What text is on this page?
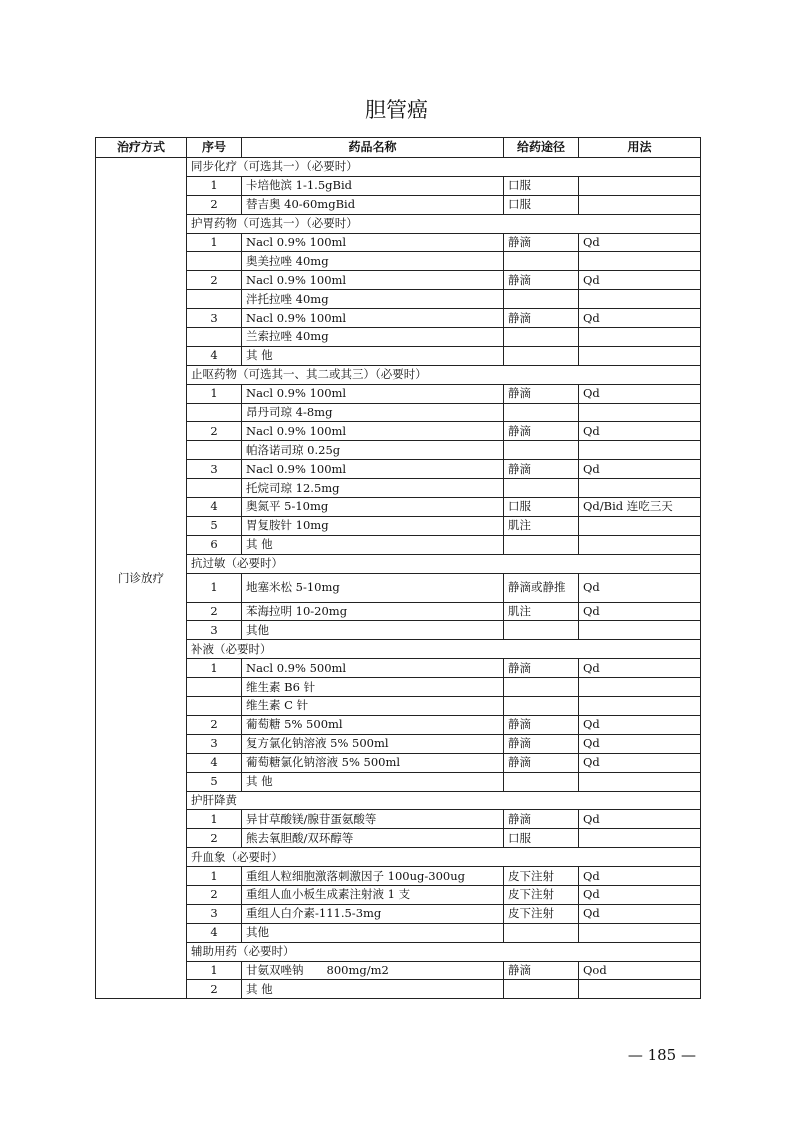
胆管癌
治疗方式	序号	药品名称	给药途径	用法
门诊放疗	同步化疗（可选其一）（必要时）			
	1	卡培他滨 1-1.5gBid	口服	
	2	替吉奥 40-60mgBid	口服	
	护胃药物（可选其一）（必要时）			
	1	Nacl 0.9% 100ml	静滴	Qd
		奥美拉唑 40mg		
	2	Nacl 0.9% 100ml	静滴	Qd
		泮托拉唑 40mg		
	3	Nacl 0.9% 100ml	静滴	Qd
		兰索拉唑 40mg		
	4	其 他		
	止呕药物（可选其一、其二或其三）（必要时）			
	1	Nacl 0.9% 100ml	静滴	Qd
		昂丹司琼 4-8mg		
	2	Nacl 0.9% 100ml	静滴	Qd
		帕洛诺司琼 0.25g		
	3	Nacl 0.9% 100ml	静滴	Qd
		托烷司琼 12.5mg		
	4	奥氮平 5-10mg	口服	Qd/Bid 连吃三天
	5	胃复胺针 10mg	肌注	
	6	其 他		
	抗过敏（必要时）			
	1	地塞米松 5-10mg	静滴或静推	Qd
	2	苯海拉明 10-20mg	肌注	Qd
	3	其他		
	补液（必要时）			
	1	Nacl 0.9% 500ml	静滴	Qd
		维生素 B6 针		
		维生素 C 针		
	2	葡萄糖 5% 500ml	静滴	Qd
	3	复方氯化钠溶液 5% 500ml	静滴	Qd
	4	葡萄糖氯化钠溶液 5% 500ml	静滴	Qd
	5	其 他		
	护肝降黄			
	1	异甘草酸镁/腺苷蛋氨酸等	静滴	Qd
	2	熊去氧胆酸/双环醇等	口服	
	升血象（必要时）			
	1	重组人粒细胞激落刺激因子 100ug-300ug	皮下注射	Qd
	2	重组人血小板生成素注射液 1 支	皮下注射	Qd
	3	重组人白介素-111.5-3mg	皮下注射	Qd
	4	其他		
	辅助用药（必要时）			
	1	甘氨双唑钠　　800mg/m2	静滴	Qod
	2	其 他		
— 185 —
